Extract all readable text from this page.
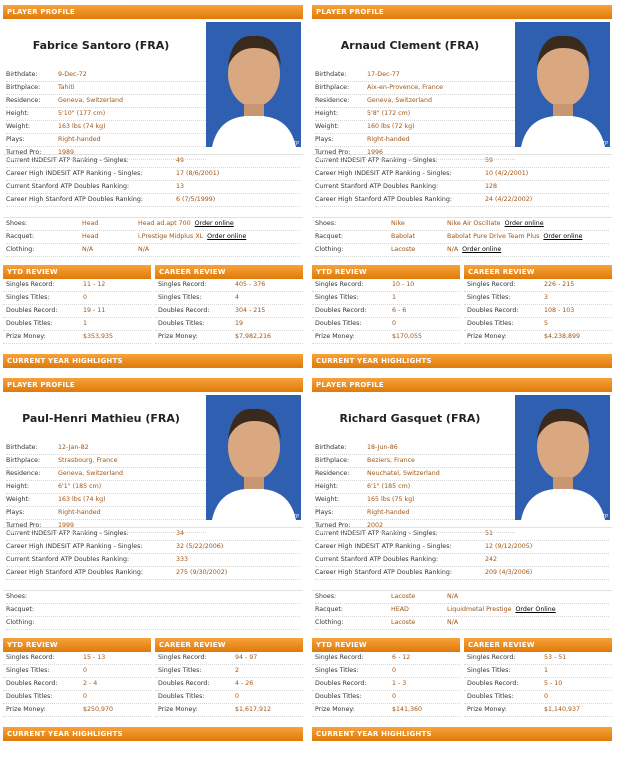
PLAYER PROFILE
Fabrice Santoro (FRA)
Birthdate:	9-Dec-72
Birthplace:	Tahiti
Residence:	Geneva, Switzerland
Height:	5'10" (177 cm)
Weight:	163 lbs (74 kg)
Plays:	Right-handed
Turned Pro:	1989
© ATP
Current INDESIT ATP Ranking - Singles:	49
Career High INDESIT ATP Ranking - Singles:	17 (8/6/2001)
Current Stanford ATP Doubles Ranking:	13
Career High Stanford ATP Doubles Ranking:	6 (7/5/1999)
Shoes:	Head	Head ad.apt 700 Order online
Racquet:	Head	i.Prestige Midplus XL Order online
Clothing:	N/A	N/A
YTD REVIEW
Singles Record:	11 - 12
Singles Titles:	0
Doubles Record:	19 - 11
Doubles Titles:	1
Prize Money:	$353,935
CAREER REVIEW
Singles Record:	405 - 376
Singles Titles:	4
Doubles Record:	304 - 215
Doubles Titles:	19
Prize Money:	$7,982,216
CURRENT YEAR HIGHLIGHTS
PLAYER PROFILE
Arnaud Clement (FRA)
Birthdate:	17-Dec-77
Birthplace:	Aix-en-Provence, France
Residence:	Geneva, Switzerland
Height:	5'8" (172 cm)
Weight:	160 lbs (72 kg)
Plays:	Right-handed
Turned Pro:	1996
© ATP
Current INDESIT ATP Ranking - Singles:	59
Career High INDESIT ATP Ranking - Singles:	10 (4/2/2001)
Current Stanford ATP Doubles Ranking:	128
Career High Stanford ATP Doubles Ranking:	24 (4/22/2002)
Shoes:	Nike	Nike Air Oscillate Order online
Racquet:	Babolat	Babolat Pure Drive Team Plus Order online
Clothing:	Lacoste	N/A Order online
YTD REVIEW
Singles Record:	10 - 10
Singles Titles:	1
Doubles Record:	6 - 6
Doubles Titles:	0
Prize Money:	$170,055
CAREER REVIEW
Singles Record:	226 - 215
Singles Titles:	3
Doubles Record:	108 - 103
Doubles Titles:	5
Prize Money:	$4,238,899
CURRENT YEAR HIGHLIGHTS
PLAYER PROFILE
Paul-Henri Mathieu (FRA)
Birthdate:	12-Jan-82
Birthplace:	Strasbourg, France
Residence:	Geneva, Switzerland
Height:	6'1" (185 cm)
Weight:	163 lbs (74 kg)
Plays:	Right-handed
Turned Pro:	1999
© ATP
Current INDESIT ATP Ranking - Singles:	34
Career High INDESIT ATP Ranking - Singles:	32 (5/22/2006)
Current Stanford ATP Doubles Ranking:	333
Career High Stanford ATP Doubles Ranking:	275 (9/30/2002)
Shoes:
Racquet:
Clothing:
YTD REVIEW
Singles Record:	15 - 13
Singles Titles:	0
Doubles Record:	2 - 4
Doubles Titles:	0
Prize Money:	$250,970
CAREER REVIEW
Singles Record:	94 - 97
Singles Titles:	2
Doubles Record:	4 - 26
Doubles Titles:	0
Prize Money:	$1,617,912
CURRENT YEAR HIGHLIGHTS
PLAYER PROFILE
Richard Gasquet (FRA)
Birthdate:	18-Jun-86
Birthplace:	Beziers, France
Residence:	Neuchatel, Switzerland
Height:	6'1" (185 cm)
Weight:	165 lbs (75 kg)
Plays:	Right-handed
Turned Pro:	2002
© ATP
Current INDESIT ATP Ranking - Singles:	51
Career High INDESIT ATP Ranking - Singles:	12 (9/12/2005)
Current Stanford ATP Doubles Ranking:	242
Career High Stanford ATP Doubles Ranking:	209 (4/3/2006)
Shoes:	Lacoste	N/A
Racquet:	HEAD	Liquidmetal Prestige Order Online
Clothing:	Lacoste	N/A
YTD REVIEW
Singles Record:	6 - 12
Singles Titles:	0
Doubles Record:	1 - 3
Doubles Titles:	0
Prize Money:	$141,360
CAREER REVIEW
Singles Record:	53 - 51
Singles Titles:	1
Doubles Record:	5 - 10
Doubles Titles:	0
Prize Money:	$1,140,937
CURRENT YEAR HIGHLIGHTS
